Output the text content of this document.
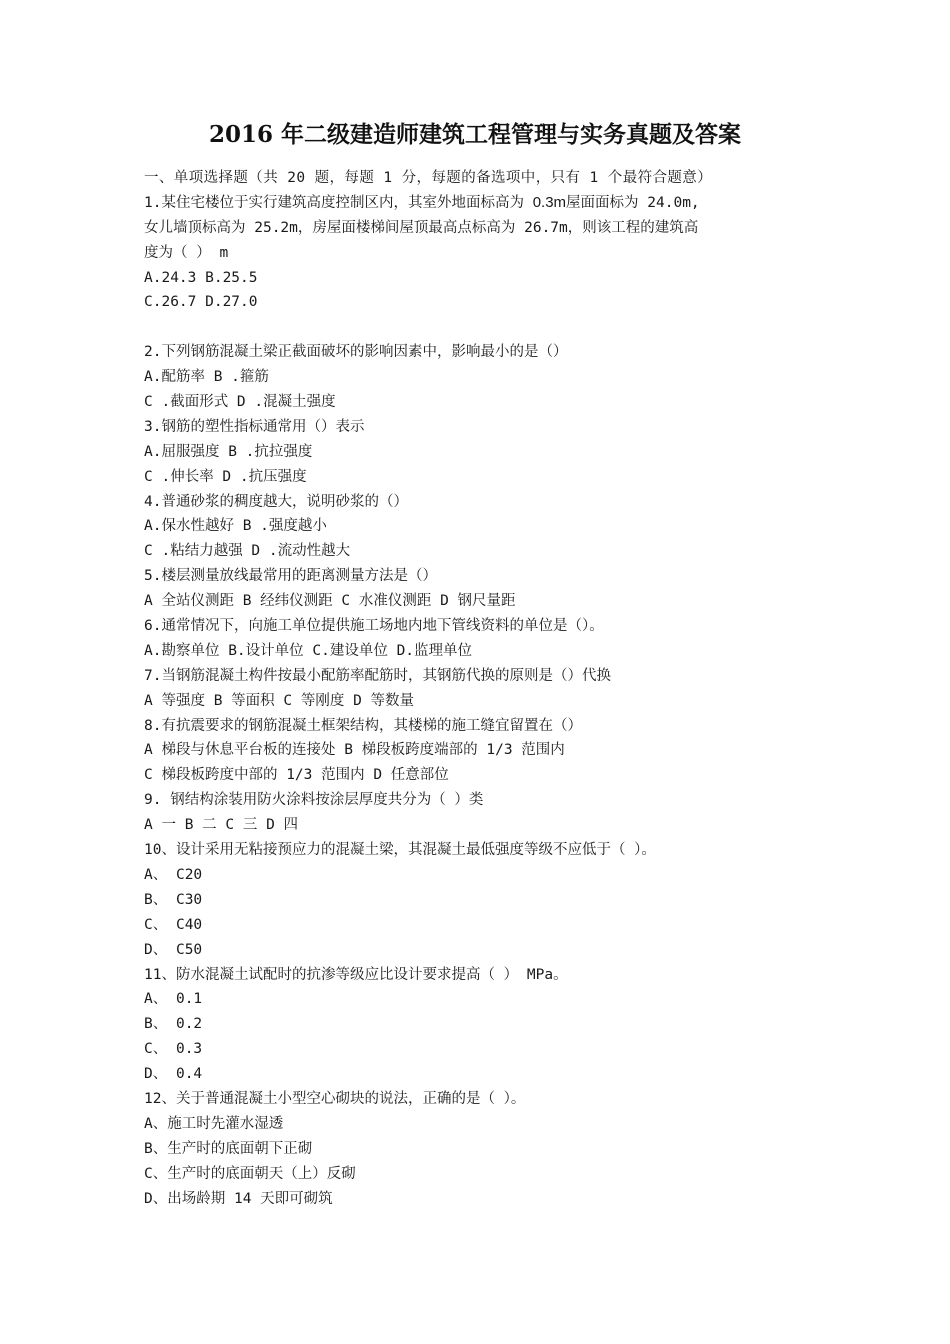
2016 年二级建造师建筑工程管理与实务真题及答案
一、单项选择题（共 20 题，每题 1 分，每题的备选项中，只有 1 个最符合题意）
1.某住宅楼位于实行建筑高度控制区内，其室外地面标高为 0.3m屋面面标为 24.0m,
女儿墙顶标高为 25.2m，房屋面楼梯间屋顶最高点标高为 26.7m，则该工程的建筑高
度为（ ） m
A.24.3 B.25.5
C.26.7 D.27.0
2.下列钢筋混凝土梁正截面破坏的影响因素中，影响最小的是（）
A.配筋率 B .箍筋
C .截面形式 D .混凝土强度
3.钢筋的塑性指标通常用（）表示
A.屈服强度 B .抗拉强度
C .伸长率 D .抗压强度
4.普通砂浆的稠度越大，说明砂浆的（）
A.保水性越好 B .强度越小
C .粘结力越强 D .流动性越大
5.楼层测量放线最常用的距离测量方法是（）
A 全站仪测距 B 经纬仪测距 C 水准仪测距 D 钢尺量距
6.通常情况下，向施工单位提供施工场地内地下管线资料的单位是（）。
A.勘察单位 B.设计单位 C.建设单位 D.监理单位
7.当钢筋混凝土构件按最小配筋率配筋时，其钢筋代换的原则是（）代换
A 等强度 B 等面积 C 等刚度 D 等数量
8.有抗震要求的钢筋混凝土框架结构，其楼梯的施工缝宜留置在（）
A 梯段与休息平台板的连接处 B 梯段板跨度端部的 1/3 范围内
C 梯段板跨度中部的 1/3 范围内 D 任意部位
9. 钢结构涂装用防火涂料按涂层厚度共分为（ ）类
A 一 B 二 C 三 D 四
10、设计采用无粘接预应力的混凝土梁，其混凝土最低强度等级不应低于（ ）。
A、 C20
B、 C30
C、 C40
D、 C50
11、防水混凝土试配时的抗渗等级应比设计要求提高（ ） MPa。
A、 0.1
B、 0.2
C、 0.3
D、 0.4
12、关于普通混凝土小型空心砌块的说法，正确的是（ ）。
A、施工时先灌水湿透
B、生产时的底面朝下正砌
C、生产时的底面朝天（上）反砌
D、出场龄期 14 天即可砌筑
